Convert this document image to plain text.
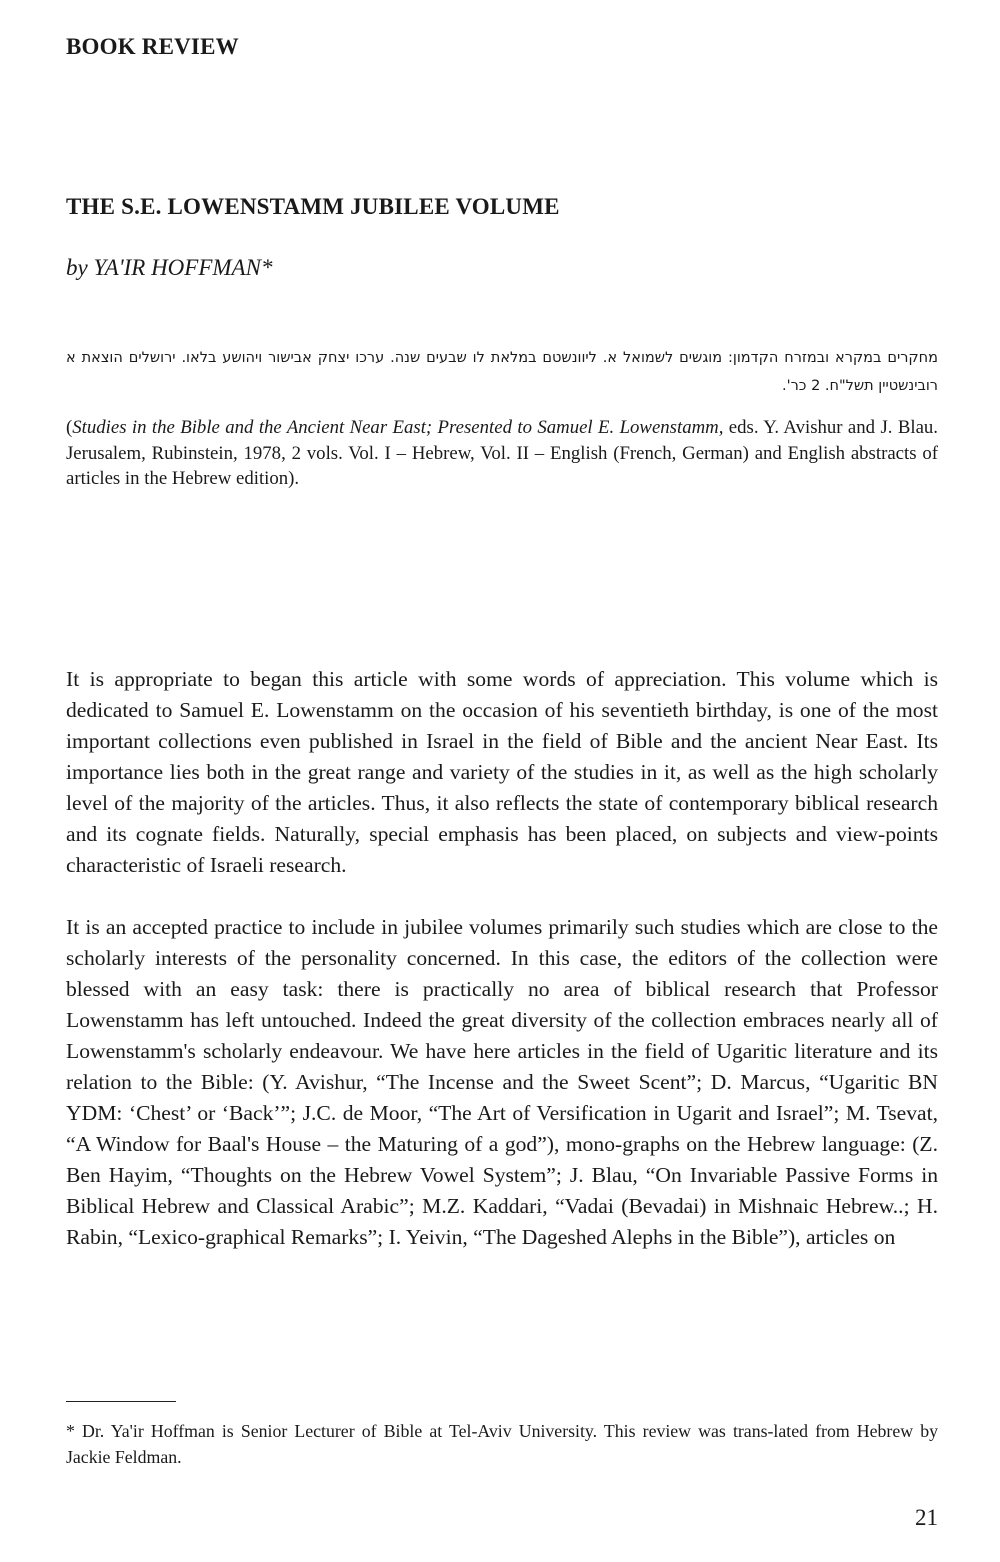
BOOK REVIEW
THE S.E. LOWENSTAMM JUBILEE VOLUME
by YA'IR HOFFMAN*
מחקרים במקרא ובמזרח הקדמון: מוגשים לשמואל א. ליוונשטם במלאת לו שבעים שנה. ערכו יצחק אבישור ויהושע בלאו. ירושלים הוצאת א רובינשטיין תשל"ח. 2 כר'.
(Studies in the Bible and the Ancient Near East; Presented to Samuel E. Lowenstamm, eds. Y. Avishur and J. Blau. Jerusalem, Rubinstein, 1978, 2 vols. Vol. I – Hebrew, Vol. II – English (French, German) and English abstracts of articles in the Hebrew edition).

It is appropriate to began this article with some words of appreciation. This volume which is dedicated to Samuel E. Lowenstamm on the occasion of his seventieth birthday, is one of the most important collections even published in Israel in the field of Bible and the ancient Near East. Its importance lies both in the great range and variety of the studies in it, as well as the high scholarly level of the majority of the articles. Thus, it also reflects the state of contemporary biblical research and its cognate fields. Naturally, special emphasis has been placed, on subjects and view-points characteristic of Israeli research.

It is an accepted practice to include in jubilee volumes primarily such studies which are close to the scholarly interests of the personality concerned. In this case, the editors of the collection were blessed with an easy task: there is practically no area of biblical research that Professor Lowenstamm has left untouched. Indeed the great diversity of the collection embraces nearly all of Lowenstamm's scholarly endeavour. We have here articles in the field of Ugaritic literature and its relation to the Bible: (Y. Avishur, “The Incense and the Sweet Scent”; D. Marcus, “Ugaritic BN YDM: ‘Chest’ or ‘Back’”; J.C. de Moor, “The Art of Versification in Ugarit and Israel”; M. Tsevat, “A Window for Baal's House – the Maturing of a god”), mono-graphs on the Hebrew language: (Z. Ben Hayim, “Thoughts on the Hebrew Vowel System”; J. Blau, “On Invariable Passive Forms in Biblical Hebrew and Classical Arabic”; M.Z. Kaddari, “Vadai (Bevadai) in Mishnaic Hebrew..; H. Rabin, “Lexico-graphical Remarks”; I. Yeivin, “The Dageshed Alephs in the Bible”), articles on

* Dr. Ya'ir Hoffman is Senior Lecturer of Bible at Tel-Aviv University. This review was trans-lated from Hebrew by Jackie Feldman.
21
